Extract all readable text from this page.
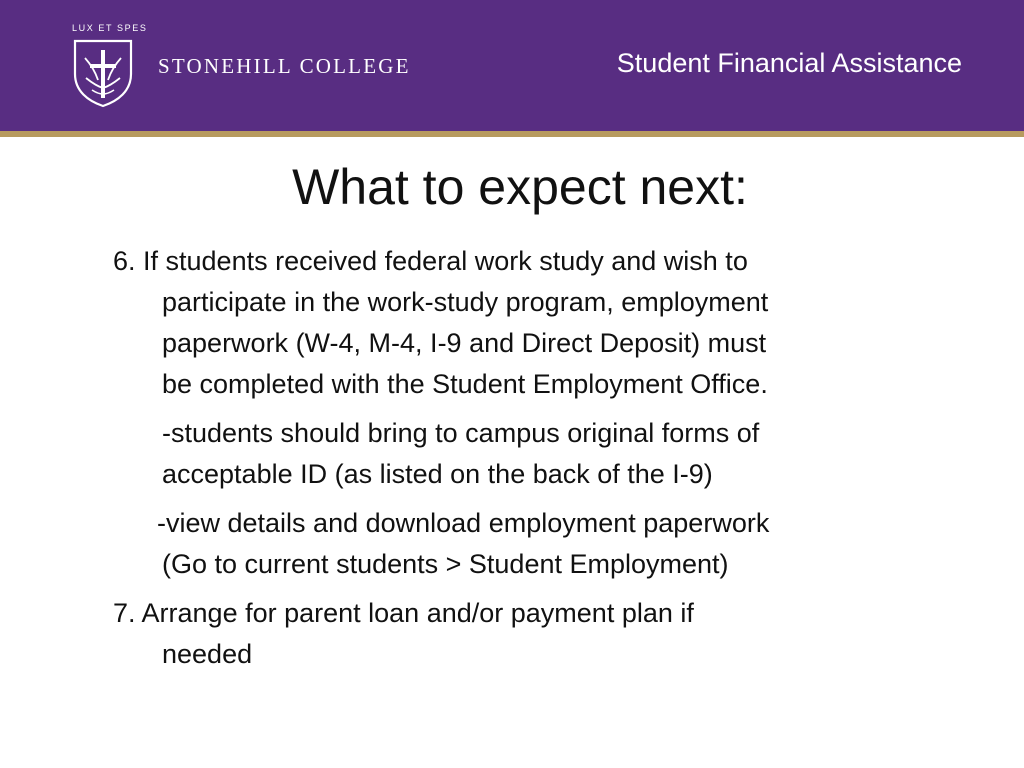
LUX ET SPES
STONEHILL COLLEGE	Student Financial Assistance
What to expect next:
6. If students received federal work study and wish to
participate in the work-study program, employment
paperwork (W-4, M-4, I-9 and Direct Deposit) must
be completed with the Student Employment Office.
-students should bring to campus original forms of
acceptable ID (as listed on the back of the I-9)
-view details and download employment paperwork
(Go to current students > Student Employment)
7. Arrange for parent loan and/or payment plan if
needed
